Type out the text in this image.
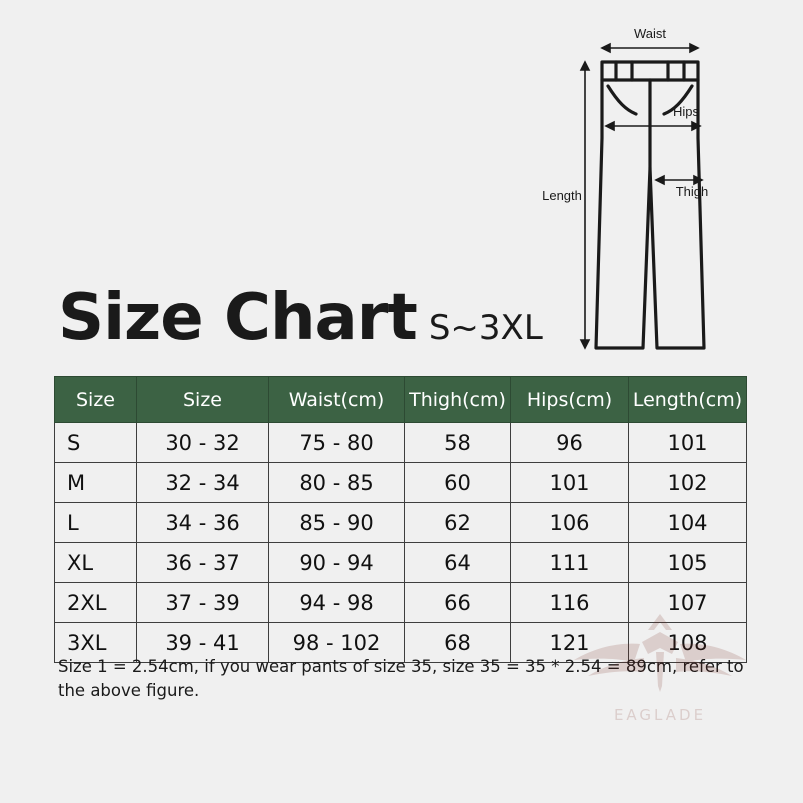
Waist
Hips
Thigh
Length
Size Chart S~3XL
Size	Size	Waist(cm)	Thigh(cm)	Hips(cm)	Length(cm)
S	30 - 32	75 - 80	58	96	101
M	32 - 34	80 - 85	60	101	102
L	34 - 36	85 - 90	62	106	104
XL	36 - 37	90 - 94	64	111	105
2XL	37 - 39	94 - 98	66	116	107
3XL	39 - 41	98 - 102	68	121	108
Size 1 = 2.54cm, if you wear pants of size 35, size 35 = 35 * 2.54 = 89cm, refer to the above figure.
EAGLADE
